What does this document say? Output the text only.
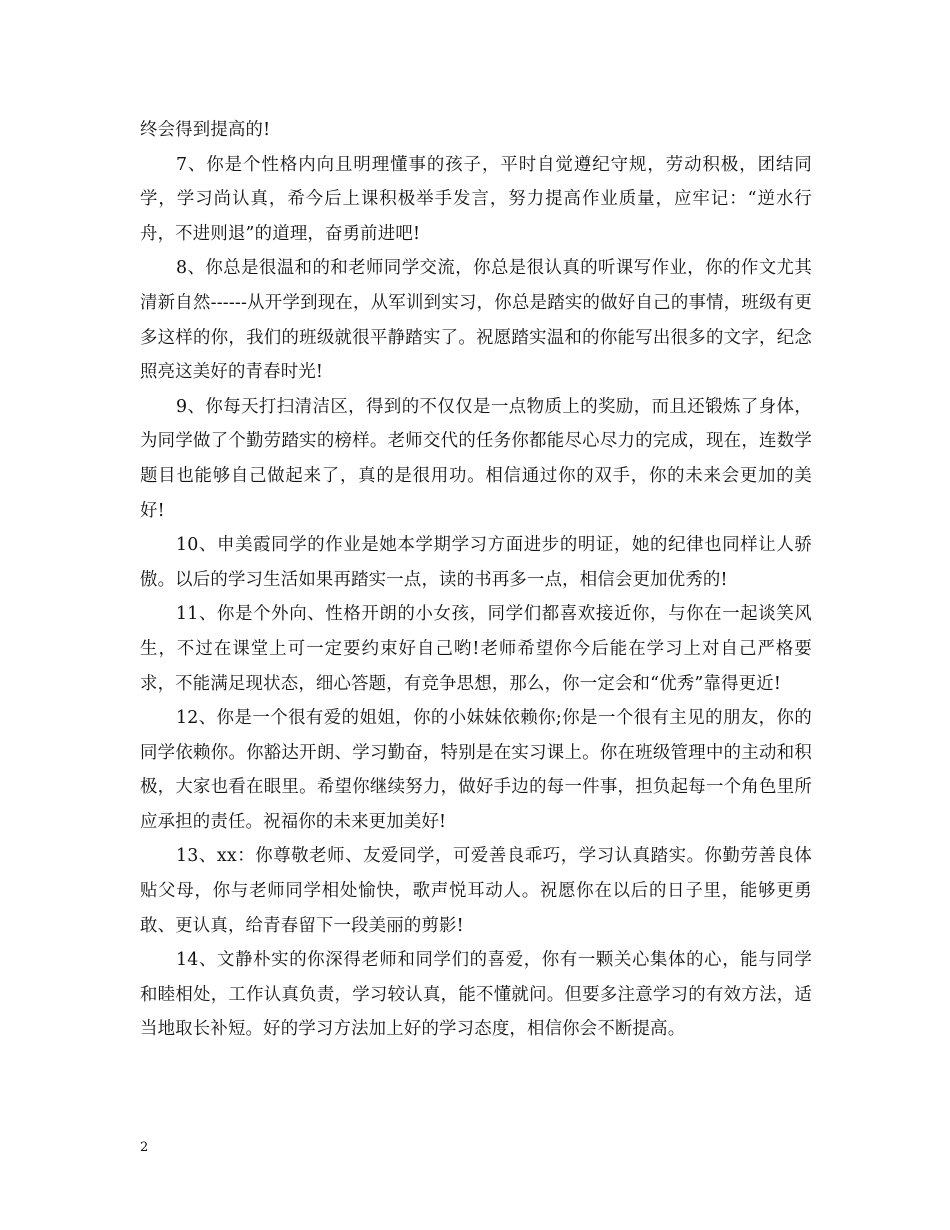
终会得到提高的!

7、你是个性格内向且明理懂事的孩子，平时自觉遵纪守规，劳动积极，团结同学，学习尚认真，希今后上课积极举手发言，努力提高作业质量，应牢记：“逆水行舟，不进则退”的道理，奋勇前进吧!

8、你总是很温和的和老师同学交流，你总是很认真的听课写作业，你的作文尤其清新自然------从开学到现在，从军训到实习，你总是踏实的做好自己的事情，班级有更多这样的你，我们的班级就很平静踏实了。祝愿踏实温和的你能写出很多的文字，纪念照亮这美好的青春时光!

9、你每天打扫清洁区，得到的不仅仅是一点物质上的奖励，而且还锻炼了身体，为同学做了个勤劳踏实的榜样。老师交代的任务你都能尽心尽力的完成，现在，连数学题目也能够自己做起来了，真的是很用功。相信通过你的双手，你的未来会更加的美好!

10、申美霞同学的作业是她本学期学习方面进步的明证，她的纪律也同样让人骄傲。以后的学习生活如果再踏实一点，读的书再多一点，相信会更加优秀的!

11、你是个外向、性格开朗的小女孩，同学们都喜欢接近你，与你在一起谈笑风生，不过在课堂上可一定要约束好自己哟!老师希望你今后能在学习上对自己严格要求，不能满足现状态，细心答题，有竞争思想，那么，你一定会和“优秀”靠得更近!

12、你是一个很有爱的姐姐，你的小妹妹依赖你;你是一个很有主见的朋友，你的同学依赖你。你豁达开朗、学习勤奋，特别是在实习课上。你在班级管理中的主动和积极，大家也看在眼里。希望你继续努力，做好手边的每一件事，担负起每一个角色里所应承担的责任。祝福你的未来更加美好!

13、xx：你尊敬老师、友爱同学，可爱善良乖巧，学习认真踏实。你勤劳善良体贴父母，你与老师同学相处愉快，歌声悦耳动人。祝愿你在以后的日子里，能够更勇敢、更认真，给青春留下一段美丽的剪影!

14、文静朴实的你深得老师和同学们的喜爱，你有一颗关心集体的心，能与同学和睦相处，工作认真负责，学习较认真，能不懂就问。但要多注意学习的有效方法，适当地取长补短。好的学习方法加上好的学习态度，相信你会不断提高。

2
